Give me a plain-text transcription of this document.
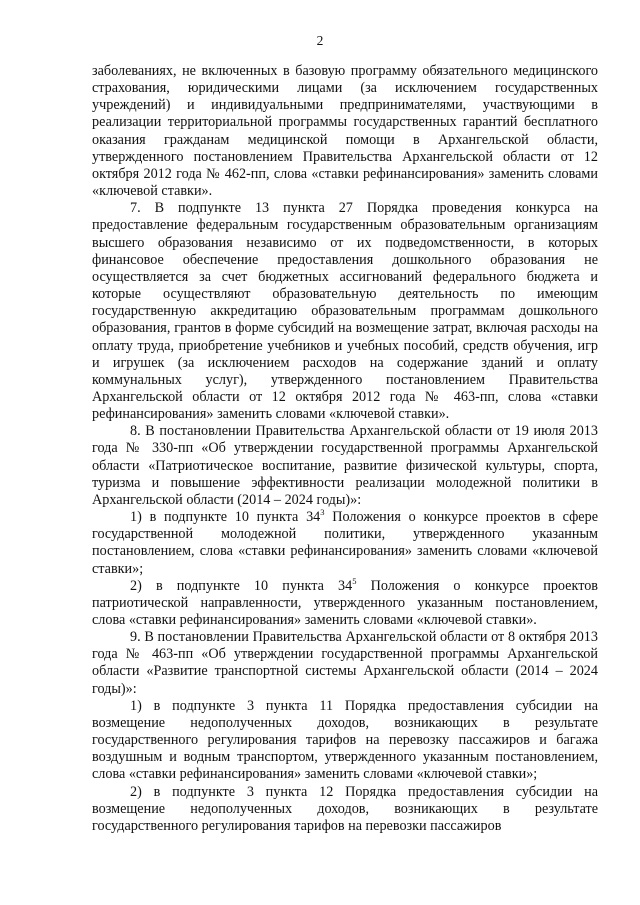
2

заболеваниях, не включенных в базовую программу обязательного медицинского страхования, юридическими лицами (за исключением государственных учреждений) и индивидуальными предпринимателями, участвующими в реализации территориальной программы государственных гарантий бесплатного оказания гражданам медицинской помощи в Архангельской области, утвержденного постановлением Правительства Архангельской области от 12 октября 2012 года № 462-пп, слова «ставки рефинансирования» заменить словами «ключевой ставки».

7. В подпункте 13 пункта 27 Порядка проведения конкурса на предоставление федеральным государственным образовательным организациям высшего образования независимо от их подведомственности, в которых финансовое обеспечение предоставления дошкольного образования не осуществляется за счет бюджетных ассигнований федерального бюджета и которые осуществляют образовательную деятельность по имеющим государственную аккредитацию образовательным программам дошкольного образования, грантов в форме субсидий на возмещение затрат, включая расходы на оплату труда, приобретение учебников и учебных пособий, средств обучения, игр и игрушек (за исключением расходов на содержание зданий и оплату коммунальных услуг), утвержденного постановлением Правительства Архангельской области от 12 октября 2012 года № 463-пп, слова «ставки рефинансирования» заменить словами «ключевой ставки».

8. В постановлении Правительства Архангельской области от 19 июля 2013 года № 330-пп «Об утверждении государственной программы Архангельской области «Патриотическое воспитание, развитие физической культуры, спорта, туризма и повышение эффективности реализации молодежной политики в Архангельской области (2014 – 2024 годы)»:

1) в подпункте 10 пункта $34^3$ Положения о конкурсе проектов в сфере государственной молодежной политики, утвержденного указанным постановлением, слова «ставки рефинансирования» заменить словами «ключевой ставки»;

2) в подпункте 10 пункта $34^5$ Положения о конкурсе проектов патриотической направленности, утвержденного указанным постановлением, слова «ставки рефинансирования» заменить словами «ключевой ставки».

9. В постановлении Правительства Архангельской области от 8 октября 2013 года № 463-пп «Об утверждении государственной программы Архангельской области «Развитие транспортной системы Архангельской области (2014 – 2024 годы)»:

1) в подпункте 3 пункта 11 Порядка предоставления субсидии на возмещение недополученных доходов, возникающих в результате государственного регулирования тарифов на перевозку пассажиров и багажа воздушным и водным транспортом, утвержденного указанным постановлением, слова «ставки рефинансирования» заменить словами «ключевой ставки»;

2) в подпункте 3 пункта 12 Порядка предоставления субсидии на возмещение недополученных доходов, возникающих в результате государственного регулирования тарифов на перевозки пассажиров
